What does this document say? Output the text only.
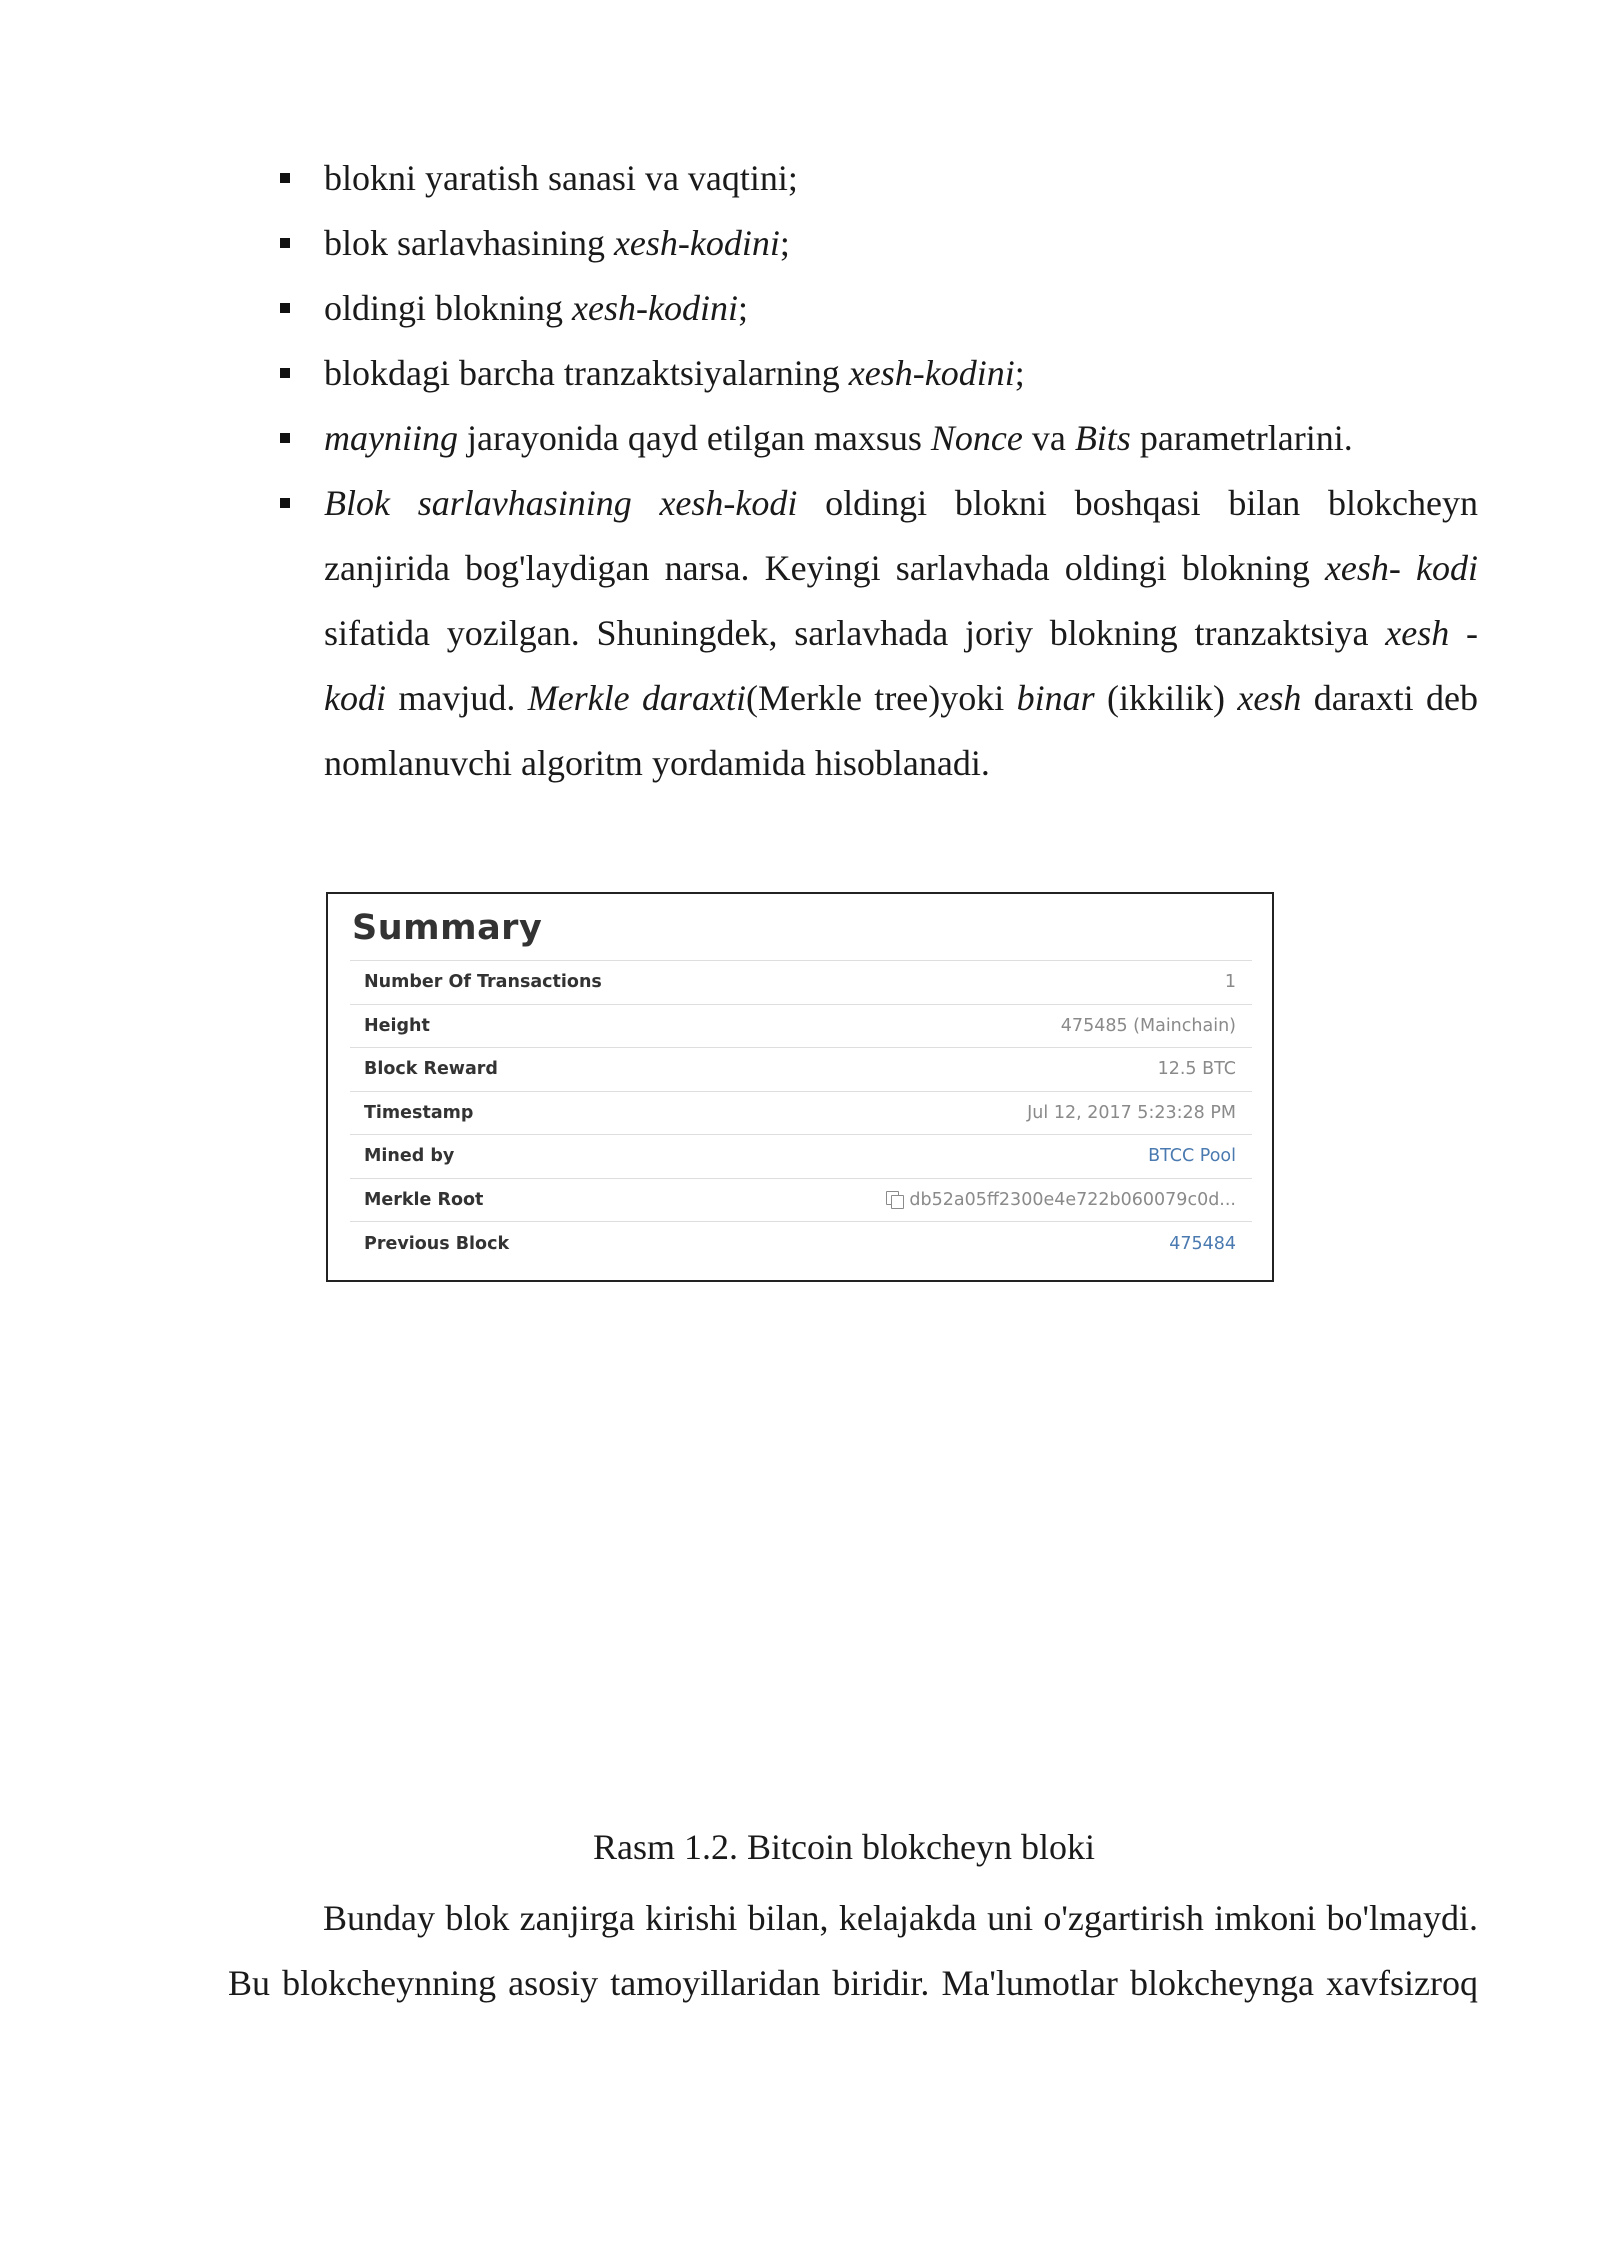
blokni yaratish sanasi va vaqtini;
blok sarlavhasining xesh-kodini;
oldingi blokning xesh-kodini;
blokdagi barcha tranzaktsiyalarning xesh-kodini;
mayniing jarayonida qayd etilgan maxsus Nonce va Bits parametrlarini.
Blok sarlavhasining xesh-kodi oldingi blokni boshqasi bilan blokcheyn zanjirida bog'laydigan narsa. Keyingi sarlavhada oldingi blokning xesh- kodi sifatida yozilgan. Shuningdek, sarlavhada joriy blokning tranzaktsiya xesh - kodi mavjud. Merkle daraxti(Merkle tree)yoki binar (ikkilik) xesh daraxti deb nomlanuvchi algoritm yordamida hisoblanadi.
Summary
Number Of Transactions	1
Height	475485 (Mainchain)
Block Reward	12.5 BTC
Timestamp	Jul 12, 2017 5:23:28 PM
Mined by	BTCC Pool
Merkle Root	db52a05ff2300e4e722b060079c0d...
Previous Block	475484
Rasm 1.2. Bitcoin blokcheyn bloki

Bunday blok zanjirga kirishi bilan, kelajakda uni o'zgartirish imkoni bo'lmaydi.
Bu blokcheynning asosiy tamoyillaridan biridir. Ma'lumotlar blokcheynga xavfsizroq
